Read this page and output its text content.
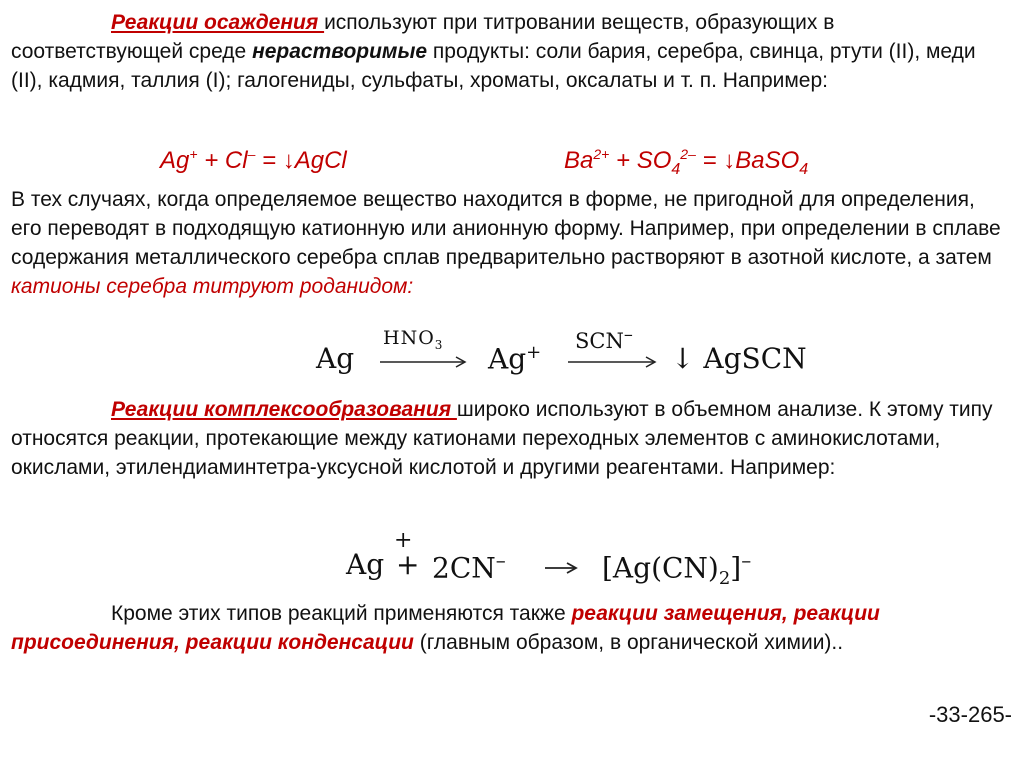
Реакции осаждения используют при титровании веществ, образующих в соответствующей среде нерастворимые продукты: соли бария, серебра, свинца, ртути (II), меди (II), кадмия, таллия (I); галогениды, сульфаты, хроматы, оксалаты и т. п. Например:

Ag+ + Cl– = ↓AgCl	$Ba^{2+} + SO_4^{2-}$ = ↓BaSO$_4$

В тех случаях, когда определяемое вещество находится в форме, не пригодной для определения, его переводят в подходящую катионную или анионную форму. Например, при определении в сплаве содержания металлического серебра сплав предварительно растворяют в азотной кислоте, а затем катионы серебра титруют роданидом:

Ag
$HNO_3$ Ag+ SCN–
↓ AgSCN

Реакции комплексообразования широко используют в объемном анализе. К этому типу относятся реакции, протекающие между катионами переходных элементов с аминокислотами, окислами, этилендиаминтетра-уксусной кислотой и другими реагентами. Например:

Ag
+
+ 2CN–	$[Ag(CN)_2]^-$

Кроме этих типов реакций применяются также реакции замещения, реакции присоединения, реакции конденсации (главным образом, в органической химии)..

-33-265-
